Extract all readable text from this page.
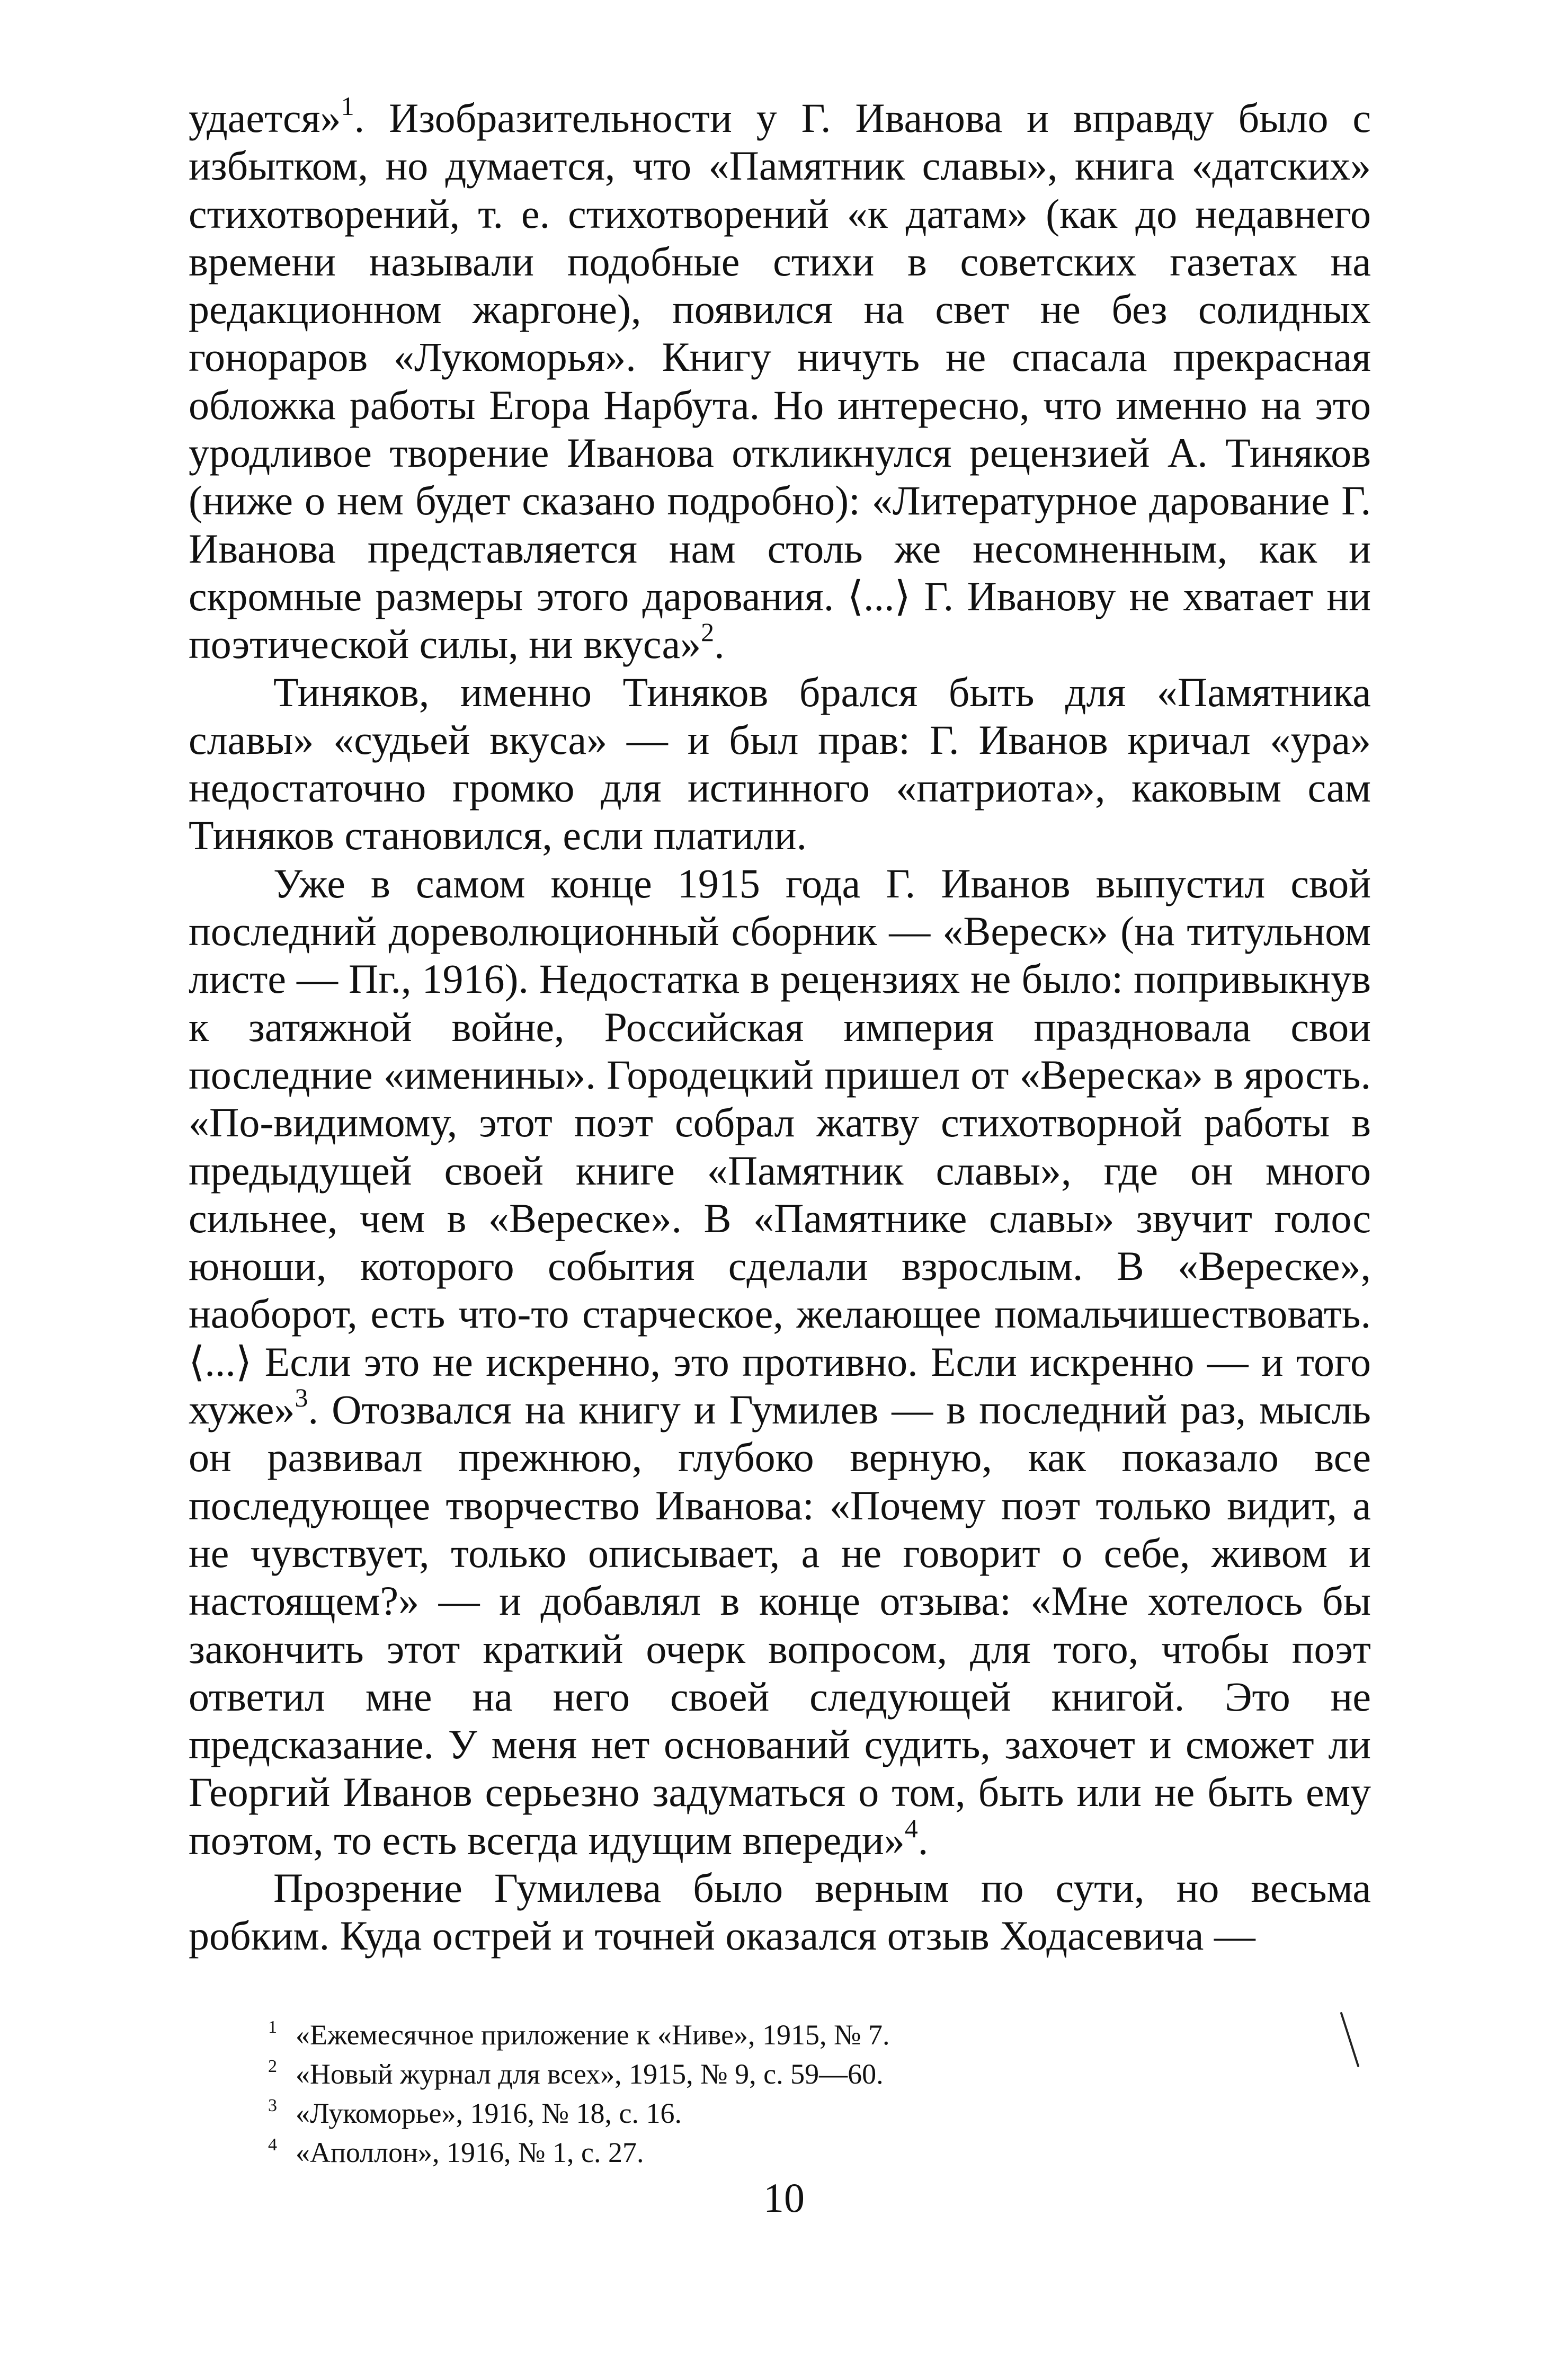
удается»$^1$. Изобразительности у Г. Иванова и вправду было с избытком, но думается, что «Памятник славы», книга «датских» стихотворений, т. е. стихотворений «к датам» (как до недавнего времени называли подобные стихи в советских газетах на редакционном жаргоне), появился на свет не без солидных гонораров «Лукоморья». Книгу ничуть не спасала прекрасная обложка работы Егора Нарбута. Но интересно, что именно на это уродливое творение Иванова откликнулся рецензией А. Тиняков (ниже о нем будет сказано подробно): «Литературное дарование Г. Иванова представляется нам столь же несомненным, как и скромные размеры этого дарования. ⟨...⟩ Г. Иванову не хватает ни поэтической силы, ни вкуса»$^2$.

Тиняков, именно Тиняков брался быть для «Памятника славы» «судьей вкуса» — и был прав: Г. Иванов кричал «ура» недостаточно громко для истинного «патриота», каковым сам Тиняков становился, если платили.

Уже в самом конце 1915 года Г. Иванов выпустил свой последний дореволюционный сборник — «Вереск» (на титульном листе — Пг., 1916). Недостатка в рецензиях не было: попривыкнув к затяжной войне, Российская империя праздновала свои последние «именины». Городецкий пришел от «Вереска» в ярость. «По-видимому, этот поэт собрал жатву стихотворной работы в предыдущей своей книге «Памятник славы», где он много сильнее, чем в «Вереске». В «Памятнике славы» звучит голос юноши, которого события сделали взрослым. В «Вереске», наоборот, есть что-то старческое, желающее помальчишествовать. ⟨...⟩ Если это не искренно, это противно. Если искренно — и того хуже»$^3$. Отозвался на книгу и Гумилев — в последний раз, мысль он развивал прежнюю, глубоко верную, как показало все последующее творчество Иванова: «Почему поэт только видит, а не чувствует, только описывает, а не говорит о себе, живом и настоящем?» — и добавлял в конце отзыва: «Мне хотелось бы закончить этот краткий очерк вопросом, для того, чтобы поэт ответил мне на него своей следующей книгой. Это не предсказание. У меня нет оснований судить, захочет и сможет ли Георгий Иванов серьезно задуматься о том, быть или не быть ему поэтом, то есть всегда идущим впереди»$^4$.

Прозрение Гумилева было верным по сути, но весьма робким. Куда острей и точней оказался отзыв Ходасевича —

1 «Ежемесячное приложение к «Ниве», 1915, № 7.

2 «Новый журнал для всех», 1915, № 9, с. 59—60.

3 «Лукоморье», 1916, № 18, с. 16.

4 «Аполлон», 1916, № 1, с. 27.

10
